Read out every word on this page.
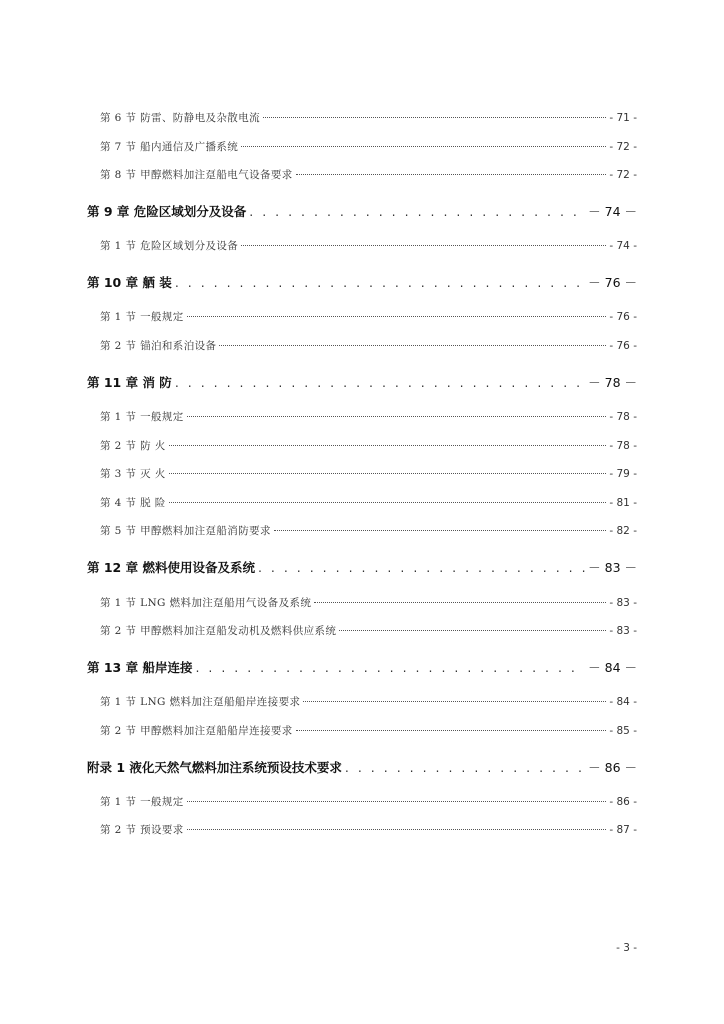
第 6 节 防雷、防静电及杂散电流	- 71 -
第 7 节 船内通信及广播系统	- 72 -
第 8 节 甲醇燃料加注趸船电气设备要求	- 72 -
第 9 章 危险区域划分及设备 . . .	－ 74 －
第 1 节 危险区域划分及设备	- 74 -
第 10 章 舾 装 . . .	－ 76 －
第 1 节 一般规定	- 76 -
第 2 节 锚泊和系泊设备	- 76 -
第 11 章 消 防 . . .	－ 78 －
第 1 节 一般规定	- 78 -
第 2 节 防 火	- 78 -
第 3 节 灭 火	- 79 -
第 4 节 脱 险	- 81 -
第 5 节 甲醇燃料加注趸船消防要求	- 82 -
第 12 章 燃料使用设备及系统 . . .	－ 83 －
第 1 节 LNG 燃料加注趸船用气设备及系统	- 83 -
第 2 节 甲醇燃料加注趸船发动机及燃料供应系统	- 83 -
第 13 章 船岸连接 . . .	－ 84 －
第 1 节 LNG 燃料加注趸船船岸连接要求	- 84 -
第 2 节 甲醇燃料加注趸船船岸连接要求	- 85 -
附录 1 液化天然气燃料加注系统预设技术要求 . . .	－ 86 －
第 1 节 一般规定	- 86 -
第 2 节 预设要求	- 87 -
- 3 -
